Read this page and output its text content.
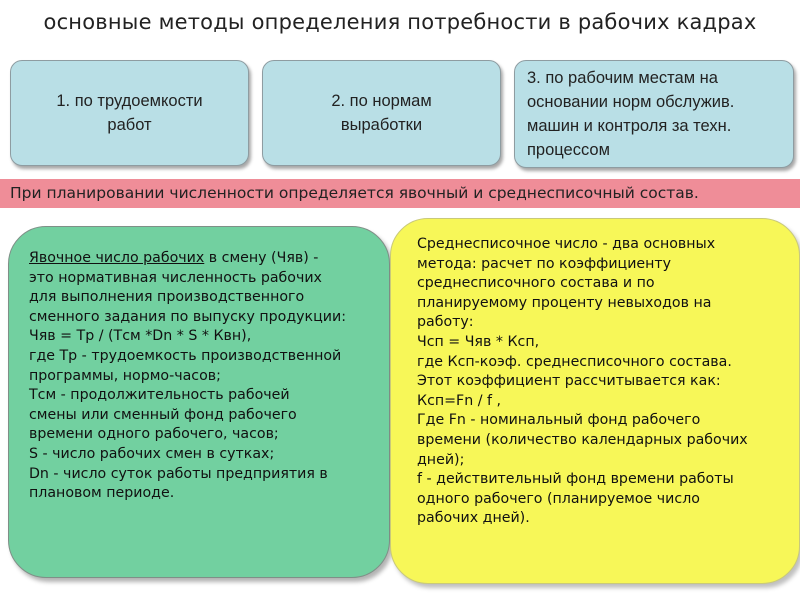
основные методы определения потребности в рабочих кадрах
1. по трудоемкости
работ
2. по нормам
выработки
3. по рабочим местам на
основании норм обслужив.
машин и контроля за техн.
процессом
При планировании численности определяется явочный и среднесписочный состав.
Явочное число рабочих в смену (Чяв) -
это нормативная численность рабочих
для выполнения производственного
сменного задания по выпуску продукции:
Чяв = Тр / (Тсм *Dn * S * Квн),
где Тр - трудоемкость производственной
программы, нормо-часов;
Тсм - продолжительность рабочей
смены или сменный фонд рабочего
времени одного рабочего, часов;
S - число рабочих смен в сутках;
Dn - число суток работы предприятия в
плановом периоде.
Среднесписочное число - два основных
метода: расчет по коэффициенту
среднесписочного состава и по
планируемому проценту невыходов на
работу:
Чсп = Чяв * Ксп,
где Ксп-коэф. среднесписочного состава.
Этот коэффициент рассчитывается как:
Ксп=Fn / f ,
Где Fn - номинальный фонд рабочего
времени (количество календарных рабочих
дней);
f - действительный фонд времени работы
одного рабочего (планируемое число
рабочих дней).
